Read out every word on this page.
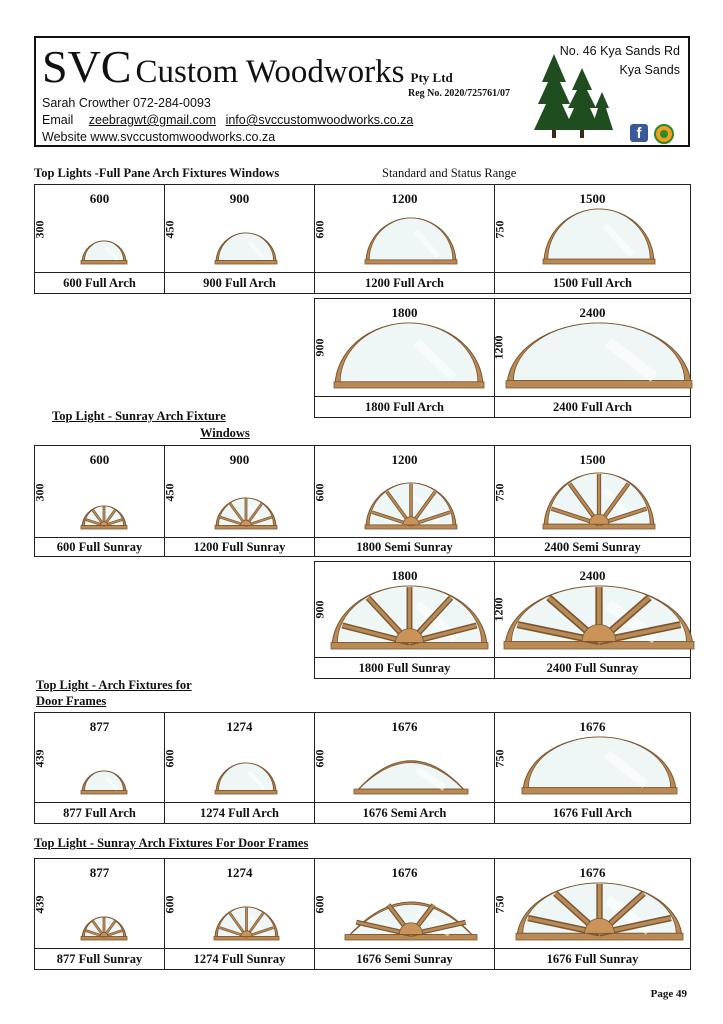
SVC Custom Woodworks Pty Ltd
Reg No. 2020/725761/07
Sarah Crowther 072-284-0093
Email zeebragwt@gmail.com info@svccustomwoodworks.co.za
Website www.svccustomwoodworks.co.za
No. 46 Kya Sands Rd
Kya Sands
f
Top Lights -Full Pane Arch Fixtures Windows	Standard and Status Range
Top Light - Sunray Arch Fixture
Windows
Top Light - Arch Fixtures for
Door Frames
Top Light - Sunray Arch Fixtures For Door Frames
Page 49
600
300
600 Full Arch
900
450
900 Full Arch
1200
600
1200 Full Arch
1500
750
1500 Full Arch
1800
900
1800 Full Arch
2400
1200
2400 Full Arch
600
300
600 Full Sunray
900
450
1200 Full Sunray
1200
600
1800 Semi Sunray
1500
750
2400 Semi Sunray
1800
900
1800 Full Sunray
2400
1200
2400 Full Sunray
877
439
877 Full Arch
1274
600
1274 Full Arch
1676
600
1676 Semi Arch
1676
750
1676 Full Arch
877
439
877 Full Sunray
1274
600
1274 Full Sunray
1676
600
1676 Semi Sunray
1676
750
1676 Full Sunray
